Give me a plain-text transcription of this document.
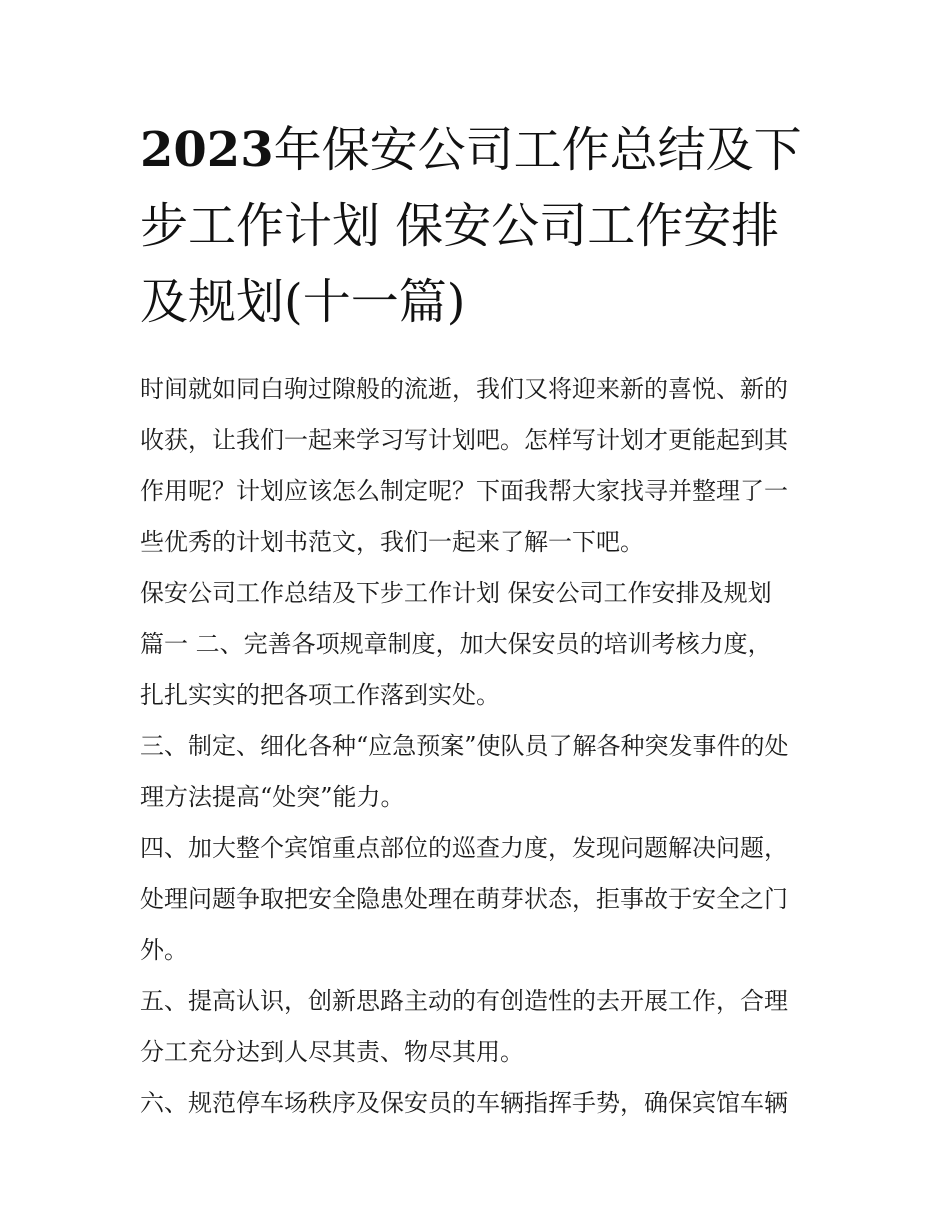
2023年保安公司工作总结及下
步工作计划 保安公司工作安排
及规划(十一篇)

时间就如同白驹过隙般的流逝，我们又将迎来新的喜悦、新的
收获，让我们一起来学习写计划吧。怎样写计划才更能起到其
作用呢？计划应该怎么制定呢？下面我帮大家找寻并整理了一
些优秀的计划书范文，我们一起来了解一下吧。

保安公司工作总结及下步工作计划 保安公司工作安排及规划
篇一 二、完善各项规章制度，加大保安员的培训考核力度，
扎扎实实的把各项工作落到实处。

三、制定、细化各种“应急预案”使队员了解各种突发事件的处
理方法提高“处突”能力。

四、加大整个宾馆重点部位的巡查力度，发现问题解决问题，
处理问题争取把安全隐患处理在萌芽状态，拒事故于安全之门
外。

五、提高认识，创新思路主动的有创造性的去开展工作，合理
分工充分达到人尽其责、物尽其用。

六、规范停车场秩序及保安员的车辆指挥手势，确保宾馆车辆
